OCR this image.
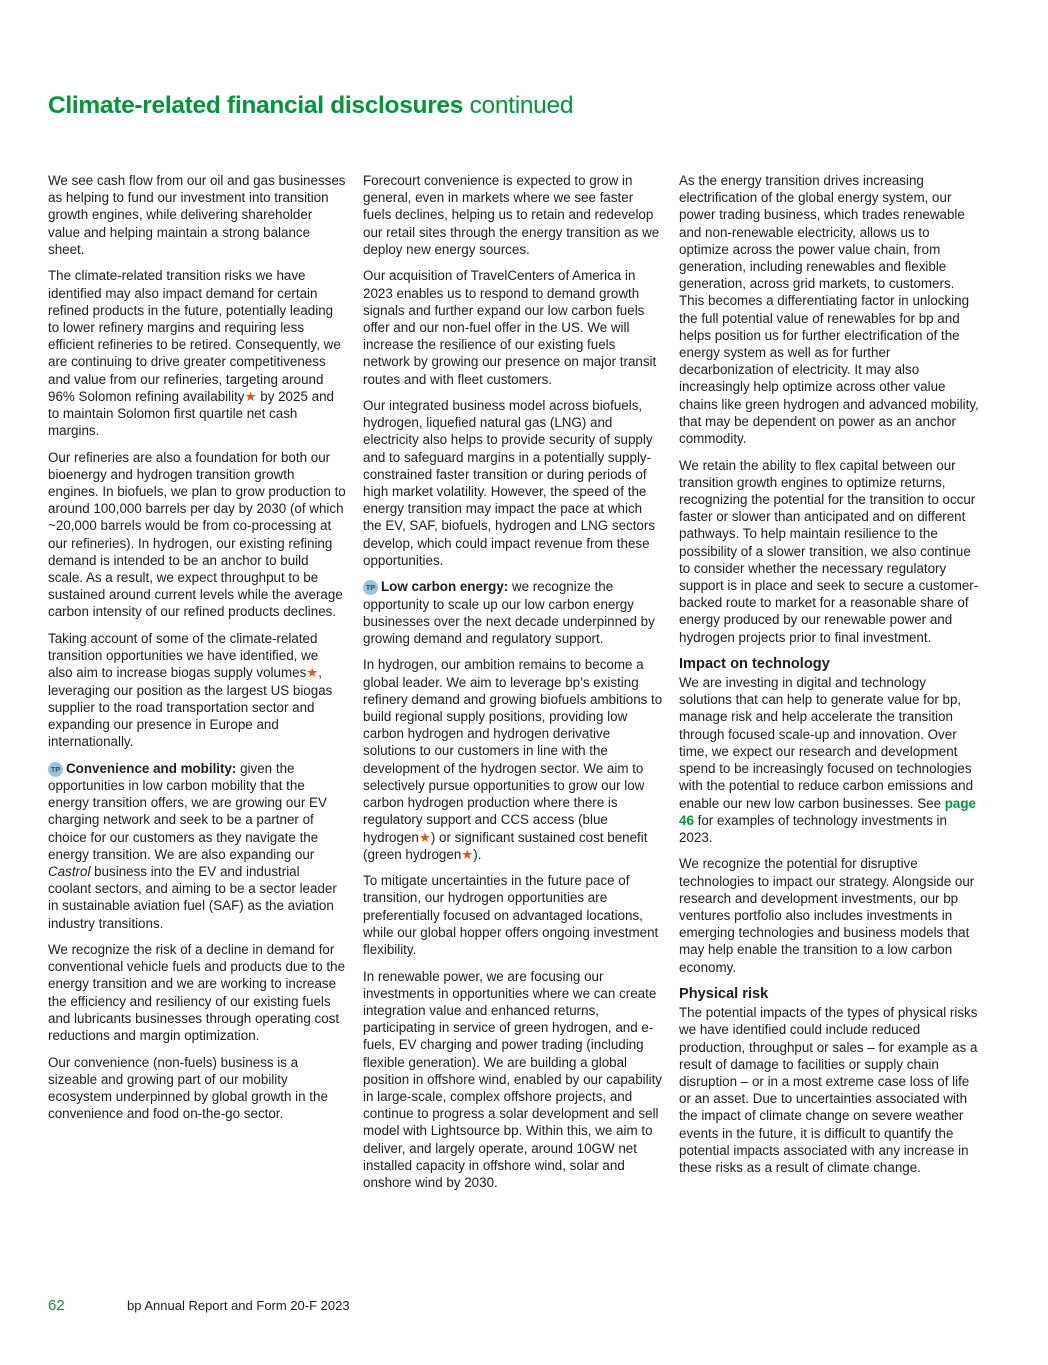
Climate-related financial disclosures continued

We see cash flow from our oil and gas businesses as helping to fund our investment into transition growth engines, while delivering shareholder value and helping maintain a strong balance sheet.

The climate-related transition risks we have identified may also impact demand for certain refined products in the future, potentially leading to lower refinery margins and requiring less efficient refineries to be retired. Consequently, we are continuing to drive greater competitiveness and value from our refineries, targeting around 96% Solomon refining availability★ by 2025 and to maintain Solomon first quartile net cash margins.

Our refineries are also a foundation for both our bioenergy and hydrogen transition growth engines. In biofuels, we plan to grow production to around 100,000 barrels per day by 2030 (of which ~20,000 barrels would be from co-processing at our refineries). In hydrogen, our existing refining demand is intended to be an anchor to build scale. As a result, we expect throughput to be sustained around current levels while the average carbon intensity of our refined products declines.

Taking account of some of the climate-related transition opportunities we have identified, we also aim to increase biogas supply volumes★, leveraging our position as the largest US biogas supplier to the road transportation sector and expanding our presence in Europe and internationally.

TP Convenience and mobility: given the opportunities in low carbon mobility that the energy transition offers, we are growing our EV charging network and seek to be a partner of choice for our customers as they navigate the energy transition. We are also expanding our Castrol business into the EV and industrial coolant sectors, and aiming to be a sector leader in sustainable aviation fuel (SAF) as the aviation industry transitions.

We recognize the risk of a decline in demand for conventional vehicle fuels and products due to the energy transition and we are working to increase the efficiency and resiliency of our existing fuels and lubricants businesses through operating cost reductions and margin optimization.

Our convenience (non-fuels) business is a sizeable and growing part of our mobility ecosystem underpinned by global growth in the convenience and food on-the-go sector.

Forecourt convenience is expected to grow in general, even in markets where we see faster fuels declines, helping us to retain and redevelop our retail sites through the energy transition as we deploy new energy sources.

Our acquisition of TravelCenters of America in 2023 enables us to respond to demand growth signals and further expand our low carbon fuels offer and our non-fuel offer in the US. We will increase the resilience of our existing fuels network by growing our presence on major transit routes and with fleet customers.

Our integrated business model across biofuels, hydrogen, liquefied natural gas (LNG) and electricity also helps to provide security of supply and to safeguard margins in a potentially supply-constrained faster transition or during periods of high market volatility. However, the speed of the energy transition may impact the pace at which the EV, SAF, biofuels, hydrogen and LNG sectors develop, which could impact revenue from these opportunities.

TP Low carbon energy: we recognize the opportunity to scale up our low carbon energy businesses over the next decade underpinned by growing demand and regulatory support.

In hydrogen, our ambition remains to become a global leader. We aim to leverage bp’s existing refinery demand and growing biofuels ambitions to build regional supply positions, providing low carbon hydrogen and hydrogen derivative solutions to our customers in line with the development of the hydrogen sector. We aim to selectively pursue opportunities to grow our low carbon hydrogen production where there is regulatory support and CCS access (blue hydrogen★) or significant sustained cost benefit (green hydrogen★).

To mitigate uncertainties in the future pace of transition, our hydrogen opportunities are preferentially focused on advantaged locations, while our global hopper offers ongoing investment flexibility.

In renewable power, we are focusing our investments in opportunities where we can create integration value and enhanced returns, participating in service of green hydrogen, and e-fuels, EV charging and power trading (including flexible generation). We are building a global position in offshore wind, enabled by our capability in large-scale, complex offshore projects, and continue to progress a solar development and sell model with Lightsource bp. Within this, we aim to deliver, and largely operate, around 10GW net installed capacity in offshore wind, solar and onshore wind by 2030.

As the energy transition drives increasing electrification of the global energy system, our power trading business, which trades renewable and non-renewable electricity, allows us to optimize across the power value chain, from generation, including renewables and flexible generation, across grid markets, to customers. This becomes a differentiating factor in unlocking the full potential value of renewables for bp and helps position us for further electrification of the energy system as well as for further decarbonization of electricity. It may also increasingly help optimize across other value chains like green hydrogen and advanced mobility, that may be dependent on power as an anchor commodity.

We retain the ability to flex capital between our transition growth engines to optimize returns, recognizing the potential for the transition to occur faster or slower than anticipated and on different pathways. To help maintain resilience to the possibility of a slower transition, we also continue to consider whether the necessary regulatory support is in place and seek to secure a customer-backed route to market for a reasonable share of energy produced by our renewable power and hydrogen projects prior to final investment.

Impact on technology

We are investing in digital and technology solutions that can help to generate value for bp, manage risk and help accelerate the transition through focused scale-up and innovation. Over time, we expect our research and development spend to be increasingly focused on technologies with the potential to reduce carbon emissions and enable our new low carbon businesses. See page 46 for examples of technology investments in 2023.

We recognize the potential for disruptive technologies to impact our strategy. Alongside our research and development investments, our bp ventures portfolio also includes investments in emerging technologies and business models that may help enable the transition to a low carbon economy.

Physical risk

The potential impacts of the types of physical risks we have identified could include reduced production, throughput or sales – for example as a result of damage to facilities or supply chain disruption – or in a most extreme case loss of life or an asset. Due to uncertainties associated with the impact of climate change on severe weather events in the future, it is difficult to quantify the potential impacts associated with any increase in these risks as a result of climate change.

62	bp Annual Report and Form 20-F 2023
